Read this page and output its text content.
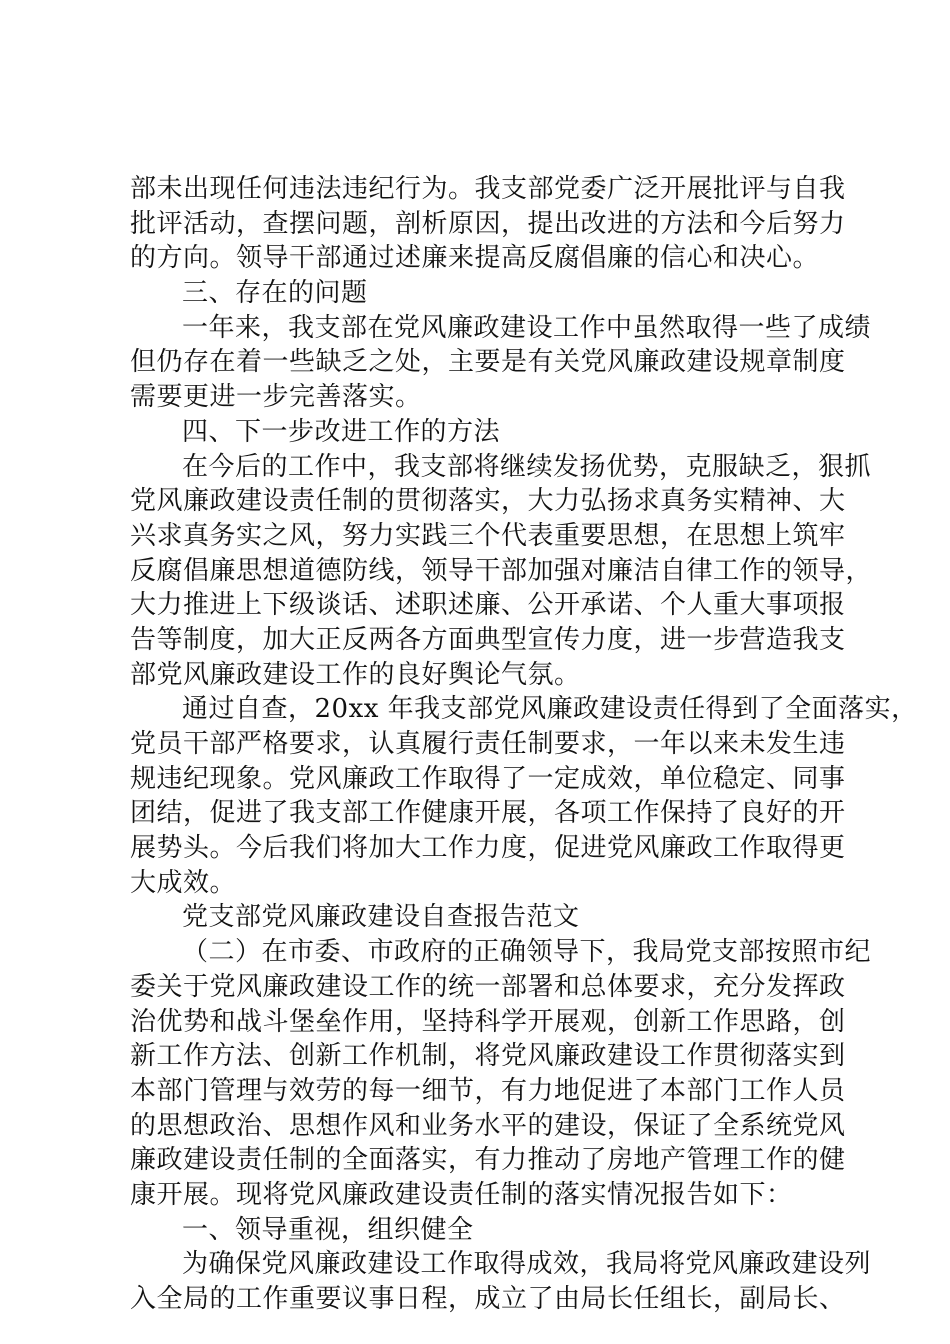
部未出现任何违法违纪行为。我支部党委广泛开展批评与自我
批评活动，查摆问题，剖析原因，提出改进的方法和今后努力
的方向。领导干部通过述廉来提高反腐倡廉的信心和决心。
三、存在的问题
一年来，我支部在党风廉政建设工作中虽然取得一些了成绩
但仍存在着一些缺乏之处，主要是有关党风廉政建设规章制度
需要更进一步完善落实。
四、下一步改进工作的方法
在今后的工作中，我支部将继续发扬优势，克服缺乏，狠抓
党风廉政建设责任制的贯彻落实，大力弘扬求真务实精神、大
兴求真务实之风，努力实践三个代表重要思想，在思想上筑牢
反腐倡廉思想道德防线，领导干部加强对廉洁自律工作的领导，
大力推进上下级谈话、述职述廉、公开承诺、个人重大事项报
告等制度，加大正反两各方面典型宣传力度，进一步营造我支
部党风廉政建设工作的良好舆论气氛。
通过自查，20xx 年我支部党风廉政建设责任得到了全面落实，
党员干部严格要求，认真履行责任制要求，一年以来未发生违
规违纪现象。党风廉政工作取得了一定成效，单位稳定、同事
团结，促进了我支部工作健康开展，各项工作保持了良好的开
展势头。今后我们将加大工作力度，促进党风廉政工作取得更
大成效。
党支部党风廉政建设自查报告范文
（二）在市委、市政府的正确领导下，我局党支部按照市纪
委关于党风廉政建设工作的统一部署和总体要求，充分发挥政
治优势和战斗堡垒作用，坚持科学开展观，创新工作思路，创
新工作方法、创新工作机制，将党风廉政建设工作贯彻落实到
本部门管理与效劳的每一细节，有力地促进了本部门工作人员
的思想政治、思想作风和业务水平的建设，保证了全系统党风
廉政建设责任制的全面落实，有力推动了房地产管理工作的健
康开展。现将党风廉政建设责任制的落实情况报告如下：
一、领导重视，组织健全
为确保党风廉政建设工作取得成效，我局将党风廉政建设列
入全局的工作重要议事日程，成立了由局长任组长，副局长、
